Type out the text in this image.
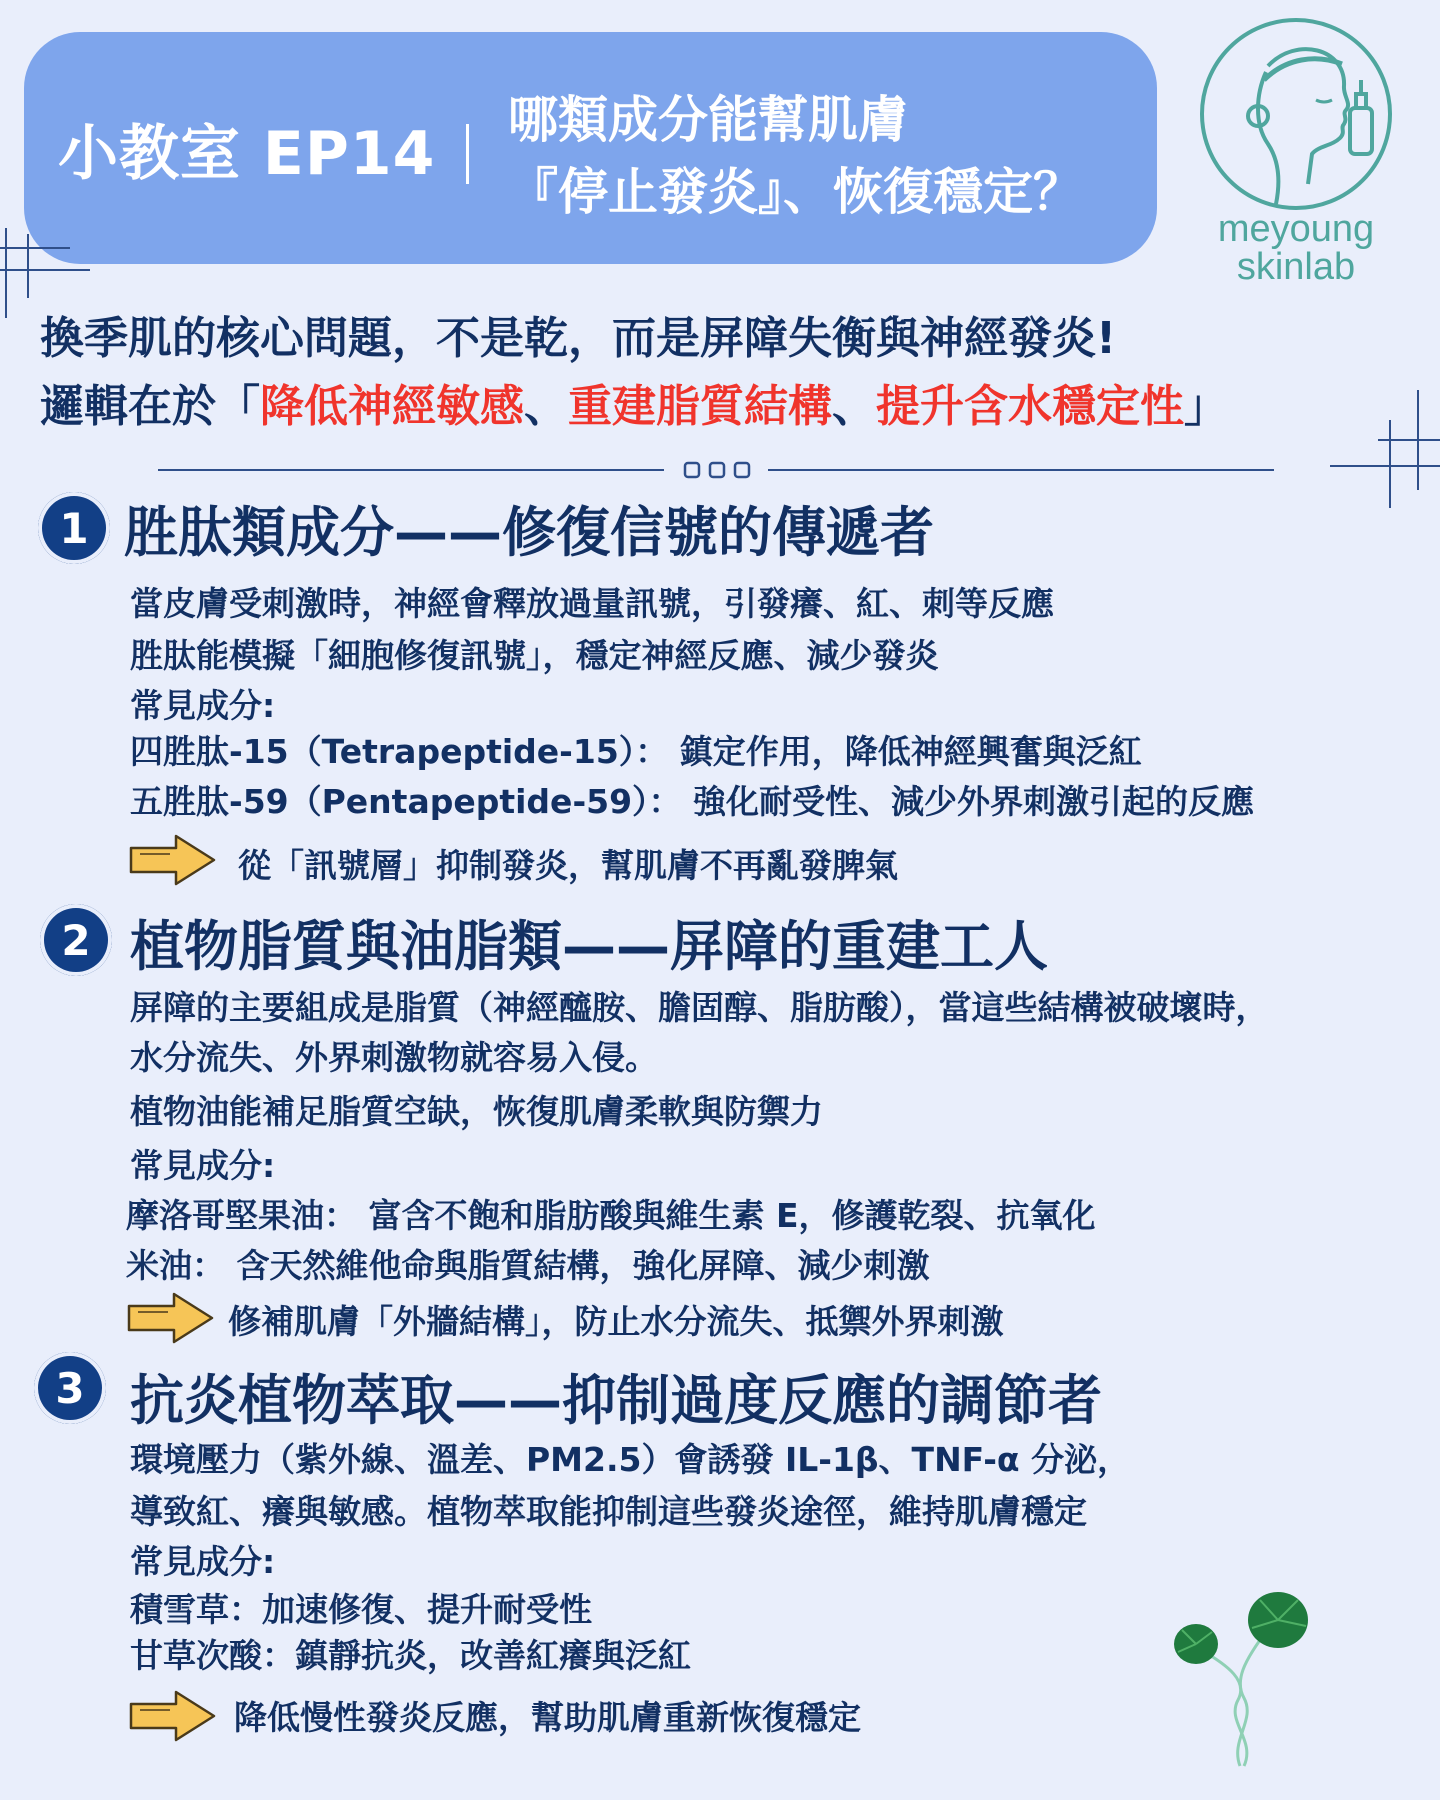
小教室 EP14 哪類成分能幫肌膚
『停止發炎』、恢復穩定？
meyoung
skinlab
換季肌的核心問題，不是乾，而是屏障失衡與神經發炎!
邏輯在於「降低神經敏感、重建脂質結構、提升含水穩定性」
1 胜肽類成分——修復信號的傳遞者
當皮膚受刺激時，神經會釋放過量訊號，引發癢、紅、刺等反應
胜肽能模擬「細胞修復訊號」，穩定神經反應、減少發炎
常見成分:
四胜肽-15（Tetrapeptide-15）： 鎮定作用，降低神經興奮與泛紅
五胜肽-59（Pentapeptide-59）： 強化耐受性、減少外界刺激引起的反應
從「訊號層」抑制發炎，幫肌膚不再亂發脾氣
2 植物脂質與油脂類——屏障的重建工人
屏障的主要組成是脂質（神經醯胺、膽固醇、脂肪酸），當這些結構被破壞時，
水分流失、外界刺激物就容易入侵。
植物油能補足脂質空缺，恢復肌膚柔軟與防禦力
常見成分:
摩洛哥堅果油： 富含不飽和脂肪酸與維生素 E，修護乾裂、抗氧化
米油： 含天然維他命與脂質結構，強化屏障、減少刺激
修補肌膚「外牆結構」，防止水分流失、抵禦外界刺激
3 抗炎植物萃取——抑制過度反應的調節者
環境壓力（紫外線、溫差、PM2.5）會誘發 IL-1β、TNF-α 分泌，
導致紅、癢與敏感。植物萃取能抑制這些發炎途徑，維持肌膚穩定
常見成分:
積雪草：加速修復、提升耐受性
甘草次酸：鎮靜抗炎，改善紅癢與泛紅
降低慢性發炎反應，幫助肌膚重新恢復穩定
